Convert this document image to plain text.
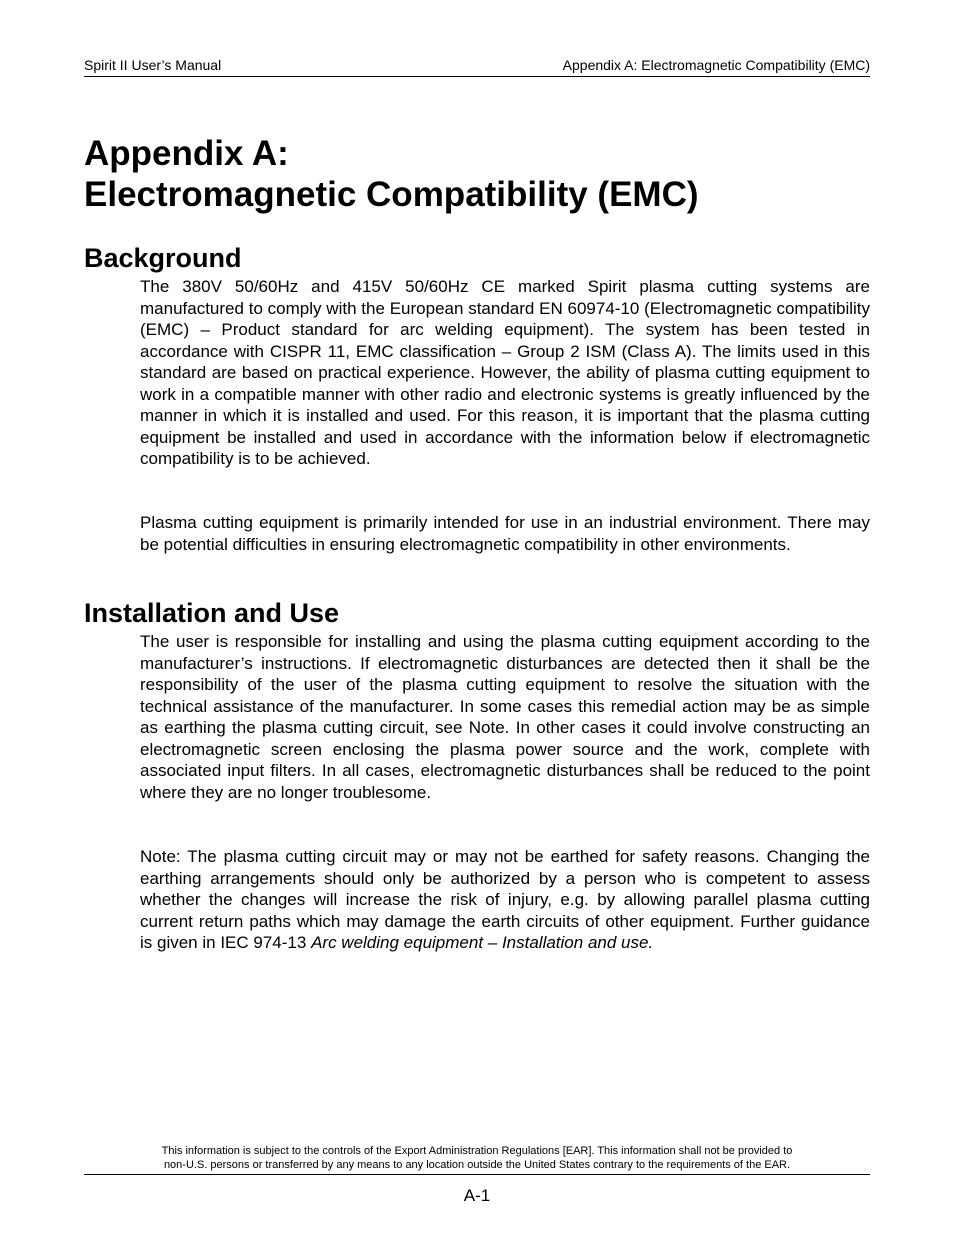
Spirit II User’s Manual	Appendix A: Electromagnetic Compatibility (EMC)
Appendix A:
Electromagnetic Compatibility (EMC)
Background

The 380V 50/60Hz and 415V 50/60Hz CE marked Spirit plasma cutting systems are manufactured to comply with the European standard EN 60974-10 (Electromagnetic compatibility (EMC) – Product standard for arc welding equipment). The system has been tested in accordance with CISPR 11, EMC classification – Group 2 ISM (Class A). The limits used in this standard are based on practical experience. However, the ability of plasma cutting equipment to work in a compatible manner with other radio and electronic systems is greatly influenced by the manner in which it is installed and used. For this reason, it is important that the plasma cutting equipment be installed and used in accordance with the information below if electromagnetic compatibility is to be achieved.

Plasma cutting equipment is primarily intended for use in an industrial environment. There may be potential difficulties in ensuring electromagnetic compatibility in other environments.

Installation and Use

The user is responsible for installing and using the plasma cutting equipment according to the manufacturer’s instructions. If electromagnetic disturbances are detected then it shall be the responsibility of the user of the plasma cutting equipment to resolve the situation with the technical assistance of the manufacturer. In some cases this remedial action may be as simple as earthing the plasma cutting circuit, see Note. In other cases it could involve constructing an electromagnetic screen enclosing the plasma power source and the work, complete with associated input filters. In all cases, electromagnetic disturbances shall be reduced to the point where they are no longer troublesome.

Note: The plasma cutting circuit may or may not be earthed for safety reasons. Changing the earthing arrangements should only be authorized by a person who is competent to assess whether the changes will increase the risk of injury, e.g. by allowing parallel plasma cutting current return paths which may damage the earth circuits of other equipment. Further guidance is given in IEC 974-13 Arc welding equipment – Installation and use.

This information is subject to the controls of the Export Administration Regulations [EAR]. This information shall not be provided to
non-U.S. persons or transferred by any means to any location outside the United States contrary to the requirements of the EAR.
A-1
